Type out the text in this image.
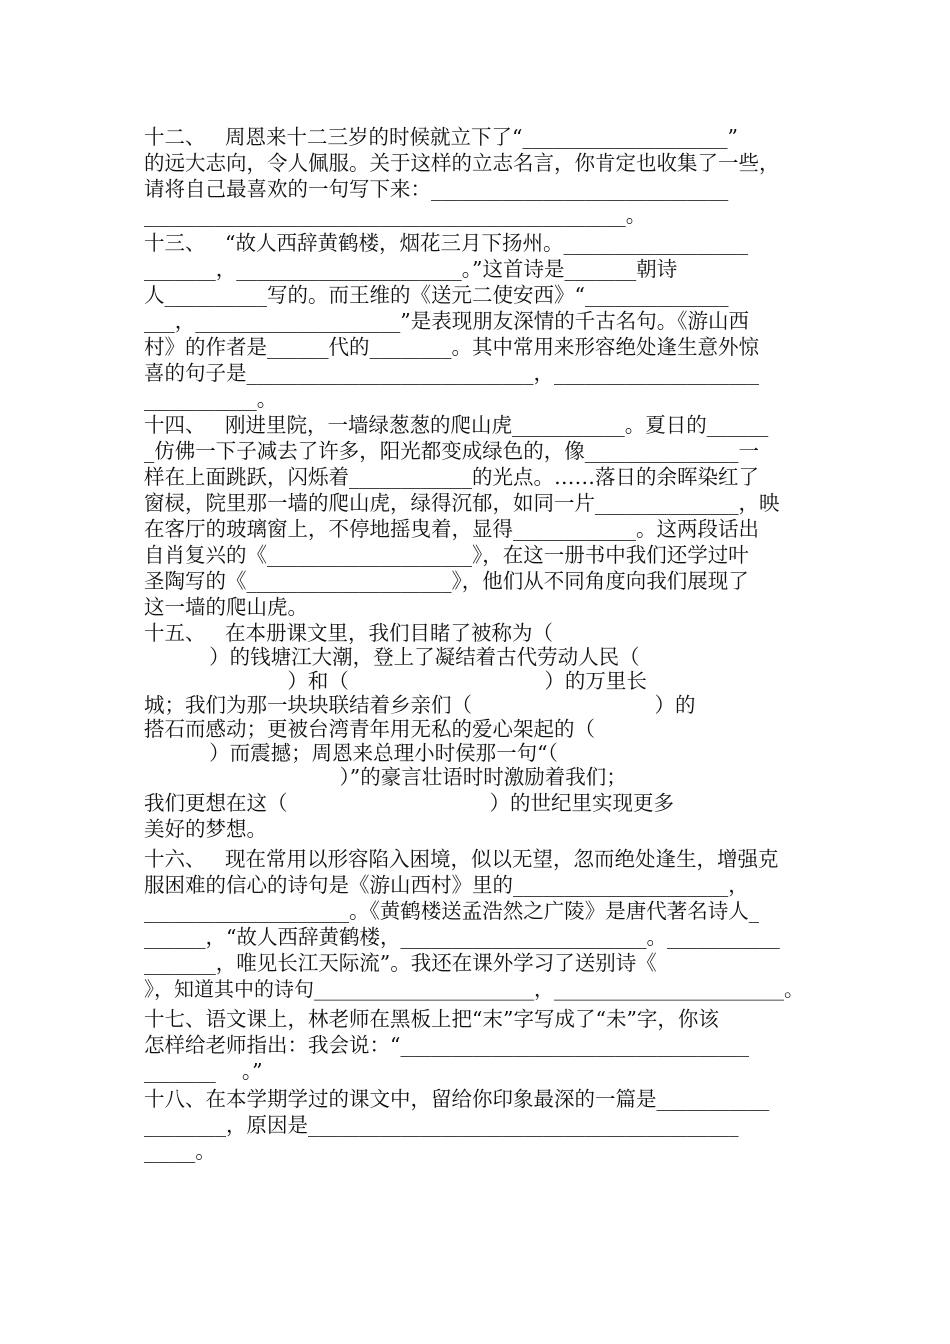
十二、   周恩来十二三岁的时候就立下了“____________________”
的远大志向，令人佩服。关于这样的立志名言，你肯定也收集了一些，
请将自己最喜欢的一句写下来：_____________________________
_______________________________________________。
十三、   “故人西辞黄鹤楼，烟花三月下扬州。__________________
_______，______________________。”这首诗是_______朝诗
人__________写的。而王维的《送元二使安西》“______________
___，____________________”是表现朋友深情的千古名句。《游山西
村》的作者是______代的________。其中常用来形容绝处逢生意外惊
喜的句子是____________________________，____________________
___________。
十四、   刚进里院，一墙绿葱葱的爬山虎___________。夏日的______
_仿佛一下子减去了许多，阳光都变成绿色的，像_______________一
样在上面跳跃，闪烁着____________的光点。……落日的余晖染红了
窗棂，院里那一墙的爬山虎，绿得沉郁，如同一片______________，映
在客厅的玻璃窗上，不停地摇曳着，显得____________。这两段话出
自肖复兴的《____________________》，在这一册书中我们还学过叶
圣陶写的《____________________》，他们从不同角度向我们展现了
这一墙的爬山虎。
十五、   在本册课文里，我们目睹了被称为（
）的钱塘江大潮，登上了凝结着古代劳动人民（
）和（                              ）的万里长
城；我们为那一块块联结着乡亲们（                            ）的
搭石而感动；更被台湾青年用无私的爱心架起的（
）而震撼；周恩来总理小时侯那一句“（
）”的豪言壮语时时激励着我们；
我们更想在这（                               ）的世纪里实现更多
美好的梦想。
十六、   现在常用以形容陷入困境，似以无望，忽而绝处逢生，增强克
服困难的信心的诗句是《游山西村》里的_____________________，
____________________。《黄鹤楼送孟浩然之广陵》是唐代著名诗人_
______，“故人西辞黄鹤楼，________________________。___________
_______，唯见长江天际流”。我还在课外学习了送别诗《
》，知道其中的诗句______________________，_______________________。
十七、语文课上，林老师在黑板上把“末”字写成了“未”字，你该
怎样给老师指出：我会说：“__________________________________
_______    。”
十八、在本学期学过的课文中，留给你印象最深的一篇是___________
________，原因是__________________________________________
_____。
